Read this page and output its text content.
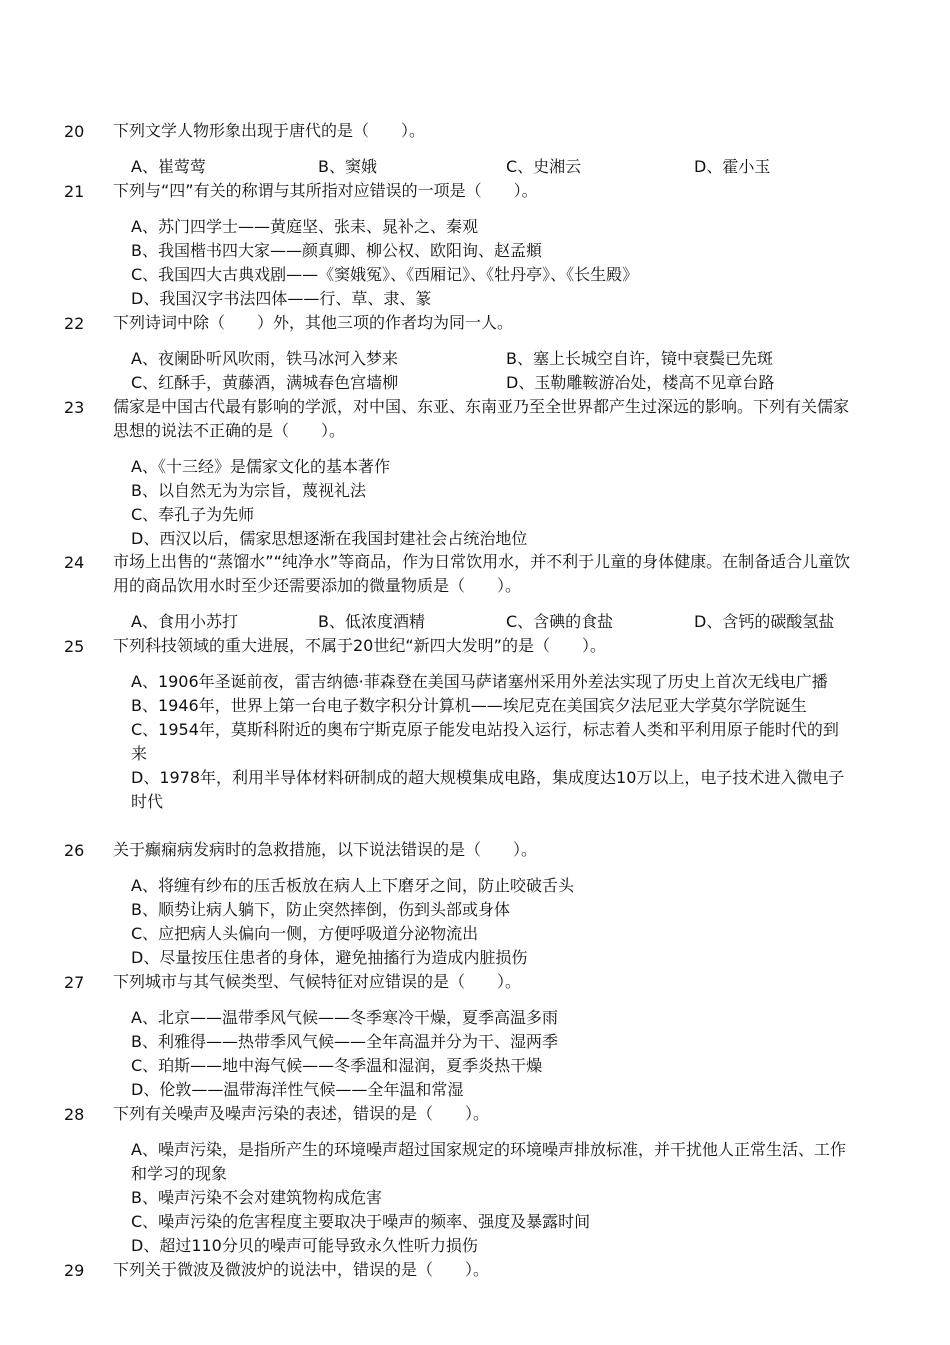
20 下列文学人物形象出现于唐代的是（　　）。
A、崔莺莺	B、窦娥	C、史湘云	D、霍小玉
21 下列与“四”有关的称谓与其所指对应错误的一项是（　　）。
A、苏门四学士——黄庭坚、张耒、晁补之、秦观
B、我国楷书四大家——颜真卿、柳公权、欧阳询、赵孟頫
C、我国四大古典戏剧——《窦娥冤》、《西厢记》、《牡丹亭》、《长生殿》
D、我国汉字书法四体——行、草、隶、篆
22 下列诗词中除（　　）外，其他三项的作者均为同一人。
A、夜阑卧听风吹雨，铁马冰河入梦来	B、塞上长城空自许，镜中衰鬓已先斑
C、红酥手，黄藤酒，满城春色宫墙柳	D、玉勒雕鞍游冶处，楼高不见章台路
23 儒家是中国古代最有影响的学派，对中国、东亚、东南亚乃至全世界都产生过深远的影响。下列有关儒家思想的说法不正确的是（　　）。
A、《十三经》是儒家文化的基本著作
B、以自然无为为宗旨，蔑视礼法
C、奉孔子为先师
D、西汉以后，儒家思想逐渐在我国封建社会占统治地位
24 市场上出售的“蒸馏水”“纯净水”等商品，作为日常饮用水，并不利于儿童的身体健康。在制备适合儿童饮用的商品饮用水时至少还需要添加的微量物质是（　　）。
A、食用小苏打	B、低浓度酒精	C、含碘的食盐	D、含钙的碳酸氢盐
25 下列科技领域的重大进展，不属于20世纪“新四大发明”的是（　　）。
A、1906年圣诞前夜，雷吉纳德·菲森登在美国马萨诸塞州采用外差法实现了历史上首次无线电广播
B、1946年，世界上第一台电子数字积分计算机——埃尼克在美国宾夕法尼亚大学莫尔学院诞生
C、1954年，莫斯科附近的奥布宁斯克原子能发电站投入运行，标志着人类和平利用原子能时代的到来
D、1978年，利用半导体材料研制成的超大规模集成电路，集成度达10万以上，电子技术进入微电子时代
26 关于癫痫病发病时的急救措施，以下说法错误的是（　　）。
A、将缠有纱布的压舌板放在病人上下磨牙之间，防止咬破舌头
B、顺势让病人躺下，防止突然摔倒，伤到头部或身体
C、应把病人头偏向一侧，方便呼吸道分泌物流出
D、尽量按压住患者的身体，避免抽搐行为造成内脏损伤
27 下列城市与其气候类型、气候特征对应错误的是（　　）。
A、北京——温带季风气候——冬季寒冷干燥，夏季高温多雨
B、利雅得——热带季风气候——全年高温并分为干、湿两季
C、珀斯——地中海气候——冬季温和湿润，夏季炎热干燥
D、伦敦——温带海洋性气候——全年温和常湿
28 下列有关噪声及噪声污染的表述，错误的是（　　）。
A、噪声污染，是指所产生的环境噪声超过国家规定的环境噪声排放标准，并干扰他人正常生活、工作和学习的现象
B、噪声污染不会对建筑物构成危害
C、噪声污染的危害程度主要取决于噪声的频率、强度及暴露时间
D、超过110分贝的噪声可能导致永久性听力损伤
29 下列关于微波及微波炉的说法中，错误的是（　　）。
